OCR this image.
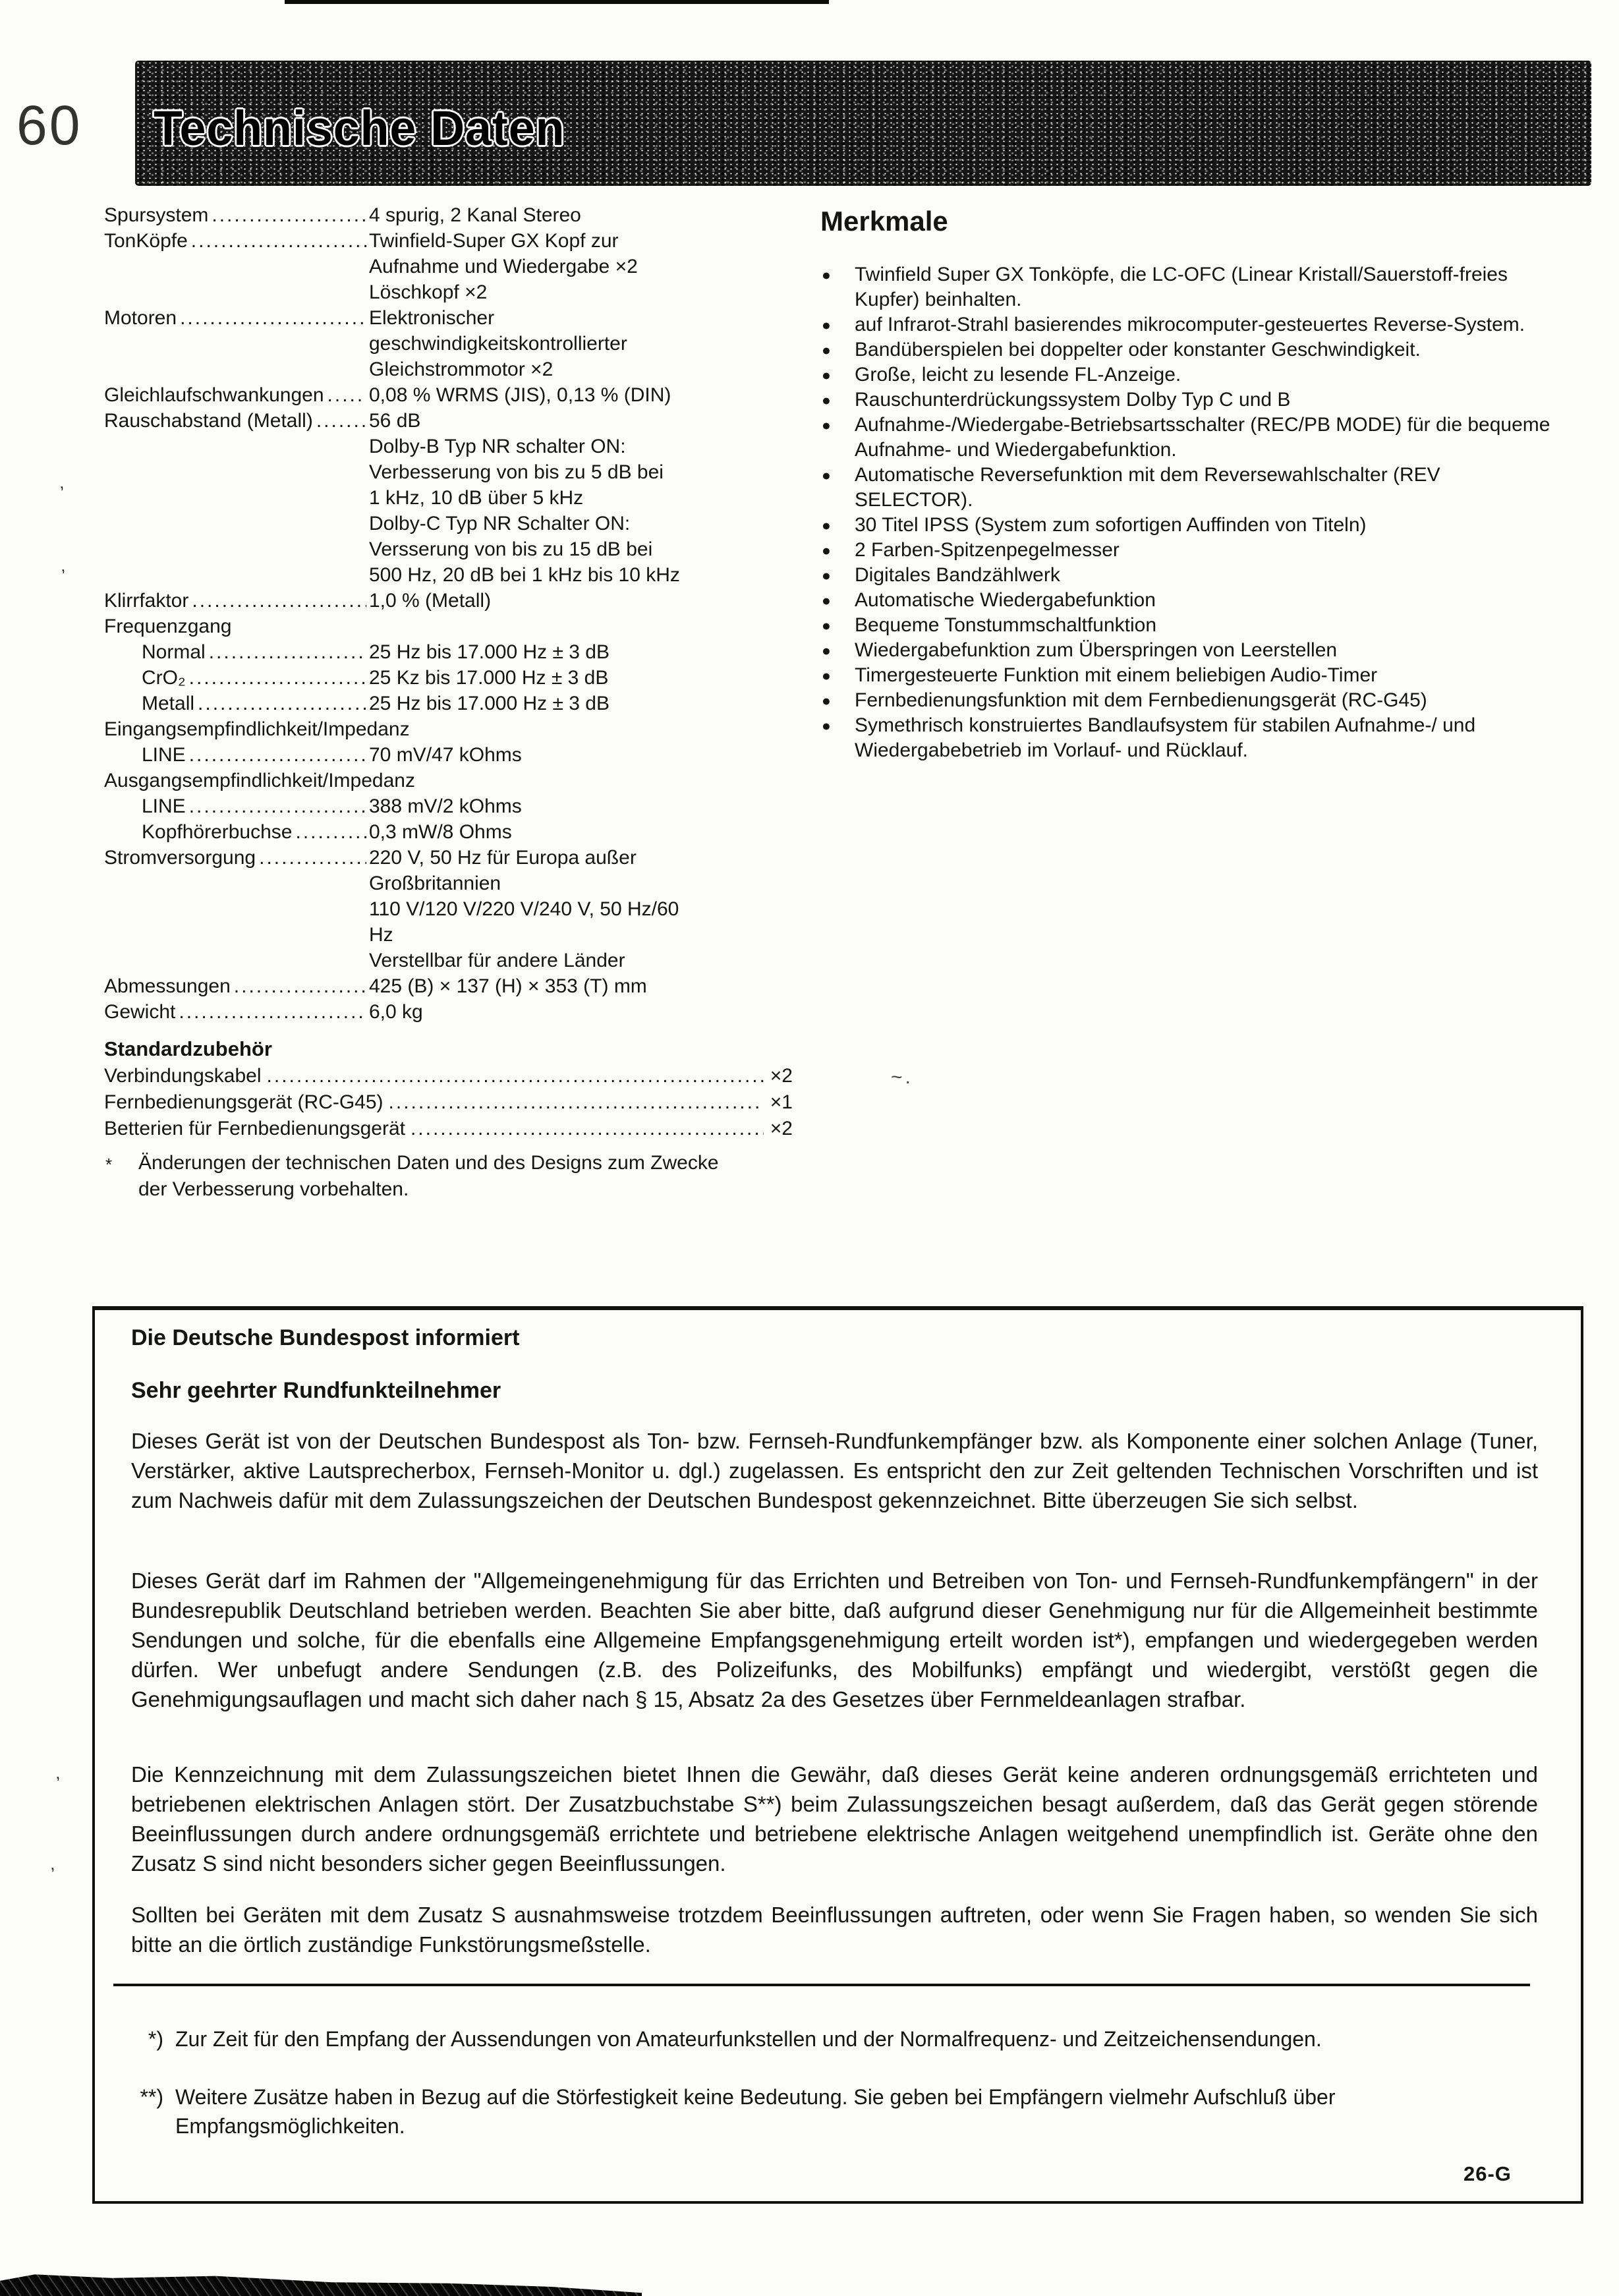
60 Technische Daten
Spursystem .....	4 spurig, 2 Kanal Stereo
TonKöpfe .....	Twinfield-Super GX Kopf zur
Aufnahme und Wiedergabe ×2
Löschkopf ×2
Motoren .....	Elektronischer
geschwindigkeitskontrollierter
Gleichstrommotor ×2
Gleichlaufschwankungen .....	0,08 % WRMS (JIS), 0,13 % (DIN)
Rauschabstand (Metall) .....	56 dB
Dolby-B Typ NR schalter ON:
Verbesserung von bis zu 5 dB bei
1 kHz, 10 dB über 5 kHz
Dolby-C Typ NR Schalter ON:
Versserung von bis zu 15 dB bei
500 Hz, 20 dB bei 1 kHz bis 10 kHz
Klirrfaktor .....	1,0 % (Metall)
Frequenzgang
Normal .....	25 Hz bis 17.000 Hz ± 3 dB
CrO₂ .....	25 Kz bis 17.000 Hz ± 3 dB
Metall .....	25 Hz bis 17.000 Hz ± 3 dB
Eingangsempfindlichkeit/Impedanz
LINE .....	70 mV/47 kOhms
Ausgangsempfindlichkeit/Impedanz
LINE .....	388 mV/2 kOhms
Kopfhörerbuchse .....	0,3 mW/8 Ohms
Stromversorgung .....	220 V, 50 Hz für Europa außer
Großbritannien
110 V/120 V/220 V/240 V, 50 Hz/60
Hz
Verstellbar für andere Länder
Abmessungen .....	425 (B) × 137 (H) × 353 (T) mm
Gewicht .....	6,0 kg
Standardzubehör
Verbindungskabel .....	×2
Fernbedienungsgerät (RC-G45) .....	×1
Betterien für Fernbedienungsgerät .....	×2
*	Änderungen der technischen Daten und des Designs zum Zwecke der Verbesserung vorbehalten.
Merkmale
● Twinfield Super GX Tonköpfe, die LC-OFC (Linear Kristall/Sauerstoff-freies Kupfer) beinhalten.
● auf Infrarot-Strahl basierendes mikrocomputer-gesteuertes Reverse-System.
● Bandüberspielen bei doppelter oder konstanter Geschwindigkeit.
● Große, leicht zu lesende FL-Anzeige.
● Rauschunterdrückungssystem Dolby Typ C und B
● Aufnahme-/Wiedergabe-Betriebsartsschalter (REC/PB MODE) für die bequeme Aufnahme- und Wiedergabefunktion.
● Automatische Reversefunktion mit dem Reversewahlschalter (REV SELECTOR).
● 30 Titel IPSS (System zum sofortigen Auffinden von Titeln)
● 2 Farben-Spitzenpegelmesser
● Digitales Bandzählwerk
● Automatische Wiedergabefunktion
● Bequeme Tonstummschaltfunktion
● Wiedergabefunktion zum Überspringen von Leerstellen
● Timergesteuerte Funktion mit einem beliebigen Audio-Timer
● Fernbedienungsfunktion mit dem Fernbedienungsgerät (RC-G45)
● Symethrisch konstruiertes Bandlaufsystem für stabilen Aufnahme-/ und Wiedergabebetrieb im Vorlauf- und Rücklauf.
Die Deutsche Bundespost informiert
Sehr geehrter Rundfunkteilnehmer

Dieses Gerät ist von der Deutschen Bundespost als Ton- bzw. Fernseh-Rundfunkempfänger bzw. als Komponente einer solchen Anlage (Tuner, Verstärker, aktive Lautsprecherbox, Fernseh-Monitor u. dgl.) zugelassen. Es entspricht den zur Zeit geltenden Technischen Vorschriften und ist zum Nachweis dafür mit dem Zulassungszeichen der Deutschen Bundespost gekennzeichnet. Bitte überzeugen Sie sich selbst.

Dieses Gerät darf im Rahmen der "Allgemeingenehmigung für das Errichten und Betreiben von Ton- und Fernseh-Rundfunkempfängern" in der Bundesrepublik Deutschland betrieben werden. Beachten Sie aber bitte, daß aufgrund dieser Genehmigung nur für die Allgemeinheit bestimmte Sendungen und solche, für die ebenfalls eine Allgemeine Empfangsgenehmigung erteilt worden ist*), empfangen und wiedergegeben werden dürfen. Wer unbefugt andere Sendungen (z.B. des Polizeifunks, des Mobilfunks) empfängt und wiedergibt, verstößt gegen die Genehmigungsauflagen und macht sich daher nach § 15, Absatz 2a des Gesetzes über Fernmeldeanlagen strafbar.

Die Kennzeichnung mit dem Zulassungszeichen bietet Ihnen die Gewähr, daß dieses Gerät keine anderen ordnungsgemäß errichteten und betriebenen elektrischen Anlagen stört. Der Zusatzbuchstabe S**) beim Zulassungszeichen besagt außerdem, daß das Gerät gegen störende Beeinflussungen durch andere ordnungsgemäß errichtete und betriebene elektrische Anlagen weitgehend unempfindlich ist. Geräte ohne den Zusatz S sind nicht besonders sicher gegen Beeinflussungen.

Sollten bei Geräten mit dem Zusatz S ausnahmsweise trotzdem Beeinflussungen auftreten, oder wenn Sie Fragen haben, so wenden Sie sich bitte an die örtlich zuständige Funkstörungsmeßstelle.

*) Zur Zeit für den Empfang der Aussendungen von Amateurfunkstellen und der Normalfrequenz- und Zeitzeichensendungen.
**) Weitere Zusätze haben in Bezug auf die Störfestigkeit keine Bedeutung. Sie geben bei Empfängern vielmehr Aufschluß über Empfangsmöglichkeiten.
26-G
’
’
’
’
~.
